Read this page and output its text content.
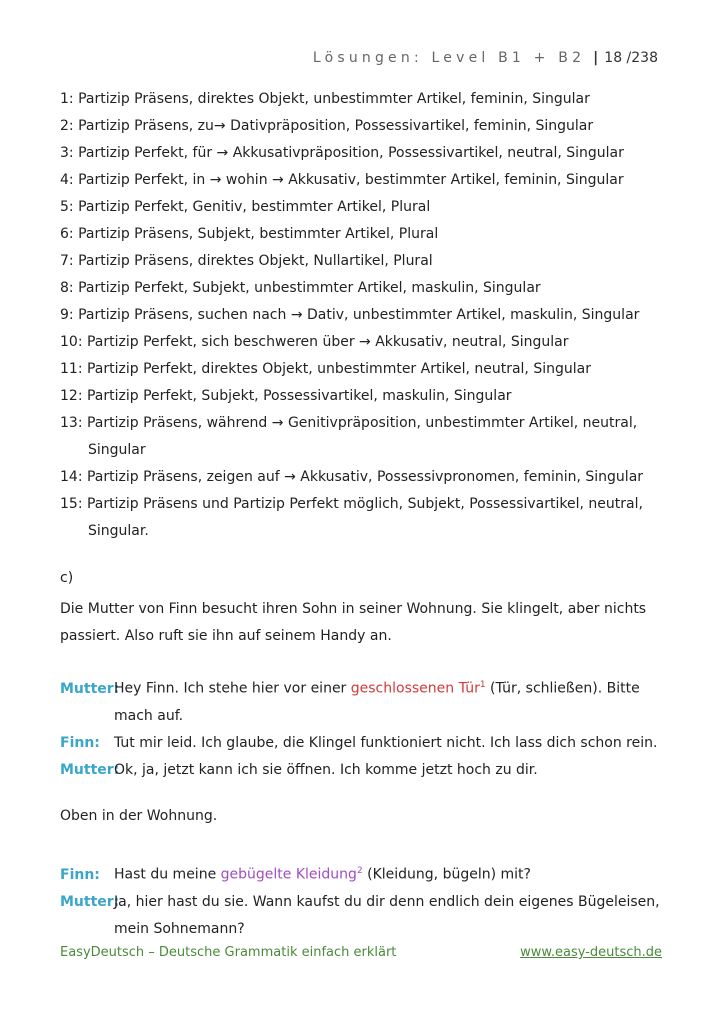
Lösungen: Level B1 + B2 | 18 /238
1: Partizip Präsens, direktes Objekt, unbestimmter Artikel, feminin, Singular
2: Partizip Präsens, zu→ Dativpräposition, Possessivartikel, feminin, Singular
3: Partizip Perfekt, für → Akkusativpräposition, Possessivartikel, neutral, Singular
4: Partizip Perfekt, in → wohin → Akkusativ, bestimmter Artikel, feminin, Singular
5: Partizip Perfekt, Genitiv, bestimmter Artikel, Plural
6: Partizip Präsens, Subjekt, bestimmter Artikel, Plural
7: Partizip Präsens, direktes Objekt, Nullartikel, Plural
8: Partizip Perfekt, Subjekt, unbestimmter Artikel, maskulin, Singular
9: Partizip Präsens, suchen nach → Dativ, unbestimmter Artikel, maskulin, Singular
10: Partizip Perfekt, sich beschweren über → Akkusativ, neutral, Singular
11: Partizip Perfekt, direktes Objekt, unbestimmter Artikel, neutral, Singular
12: Partizip Perfekt, Subjekt, Possessivartikel, maskulin, Singular
13: Partizip Präsens, während → Genitivpräposition, unbestimmter Artikel, neutral,
Singular
14: Partizip Präsens, zeigen auf → Akkusativ, Possessivpronomen, feminin, Singular
15: Partizip Präsens und Partizip Perfekt möglich, Subjekt, Possessivartikel, neutral,
Singular.
c)
Die Mutter von Finn besucht ihren Sohn in seiner Wohnung. Sie klingelt, aber nichts
passiert. Also ruft sie ihn auf seinem Handy an.
Mutter:Hey Finn. Ich stehe hier vor einer geschlossenen Tür$^1$ (Tür, schließen). Bitte
mach auf.
Finn: Tut mir leid. Ich glaube, die Klingel funktioniert nicht. Ich lass dich schon rein.
Mutter:Ok, ja, jetzt kann ich sie öffnen. Ich komme jetzt hoch zu dir.
Oben in der Wohnung.
Finn: Hast du meine gebügelte Kleidung$^2$ (Kleidung, bügeln) mit?
Mutter:Ja, hier hast du sie. Wann kaufst du dir denn endlich dein eigenes Bügeleisen,
mein Sohnemann?
EasyDeutsch – Deutsche Grammatik einfach erklärt	www.easy-deutsch.de
